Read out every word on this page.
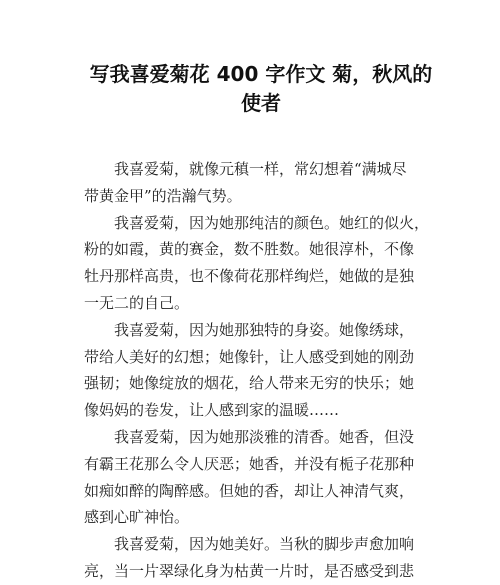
写我喜爱菊花 400 字作文 菊，秋风的
使者
我喜爱菊，就像元稹一样，常幻想着“满城尽
带黄金甲”的浩瀚气势。
我喜爱菊，因为她那纯洁的颜色。她红的似火，
粉的如霞，黄的赛金，数不胜数。她很淳朴，不像
牡丹那样高贵，也不像荷花那样绚烂，她做的是独
一无二的自己。
我喜爱菊，因为她那独特的身姿。她像绣球，
带给人美好的幻想；她像针，让人感受到她的刚劲
强韧；她像绽放的烟花，给人带来无穷的快乐；她
像妈妈的卷发，让人感到家的温暖……
我喜爱菊，因为她那淡雅的清香。她香，但没
有霸王花那么令人厌恶；她香，并没有栀子花那种
如痴如醉的陶醉感。但她的香，却让人神清气爽，
感到心旷神怡。
我喜爱菊，因为她美好。当秋的脚步声愈加响
亮，当一片翠绿化身为枯黄一片时，是否感受到悲
